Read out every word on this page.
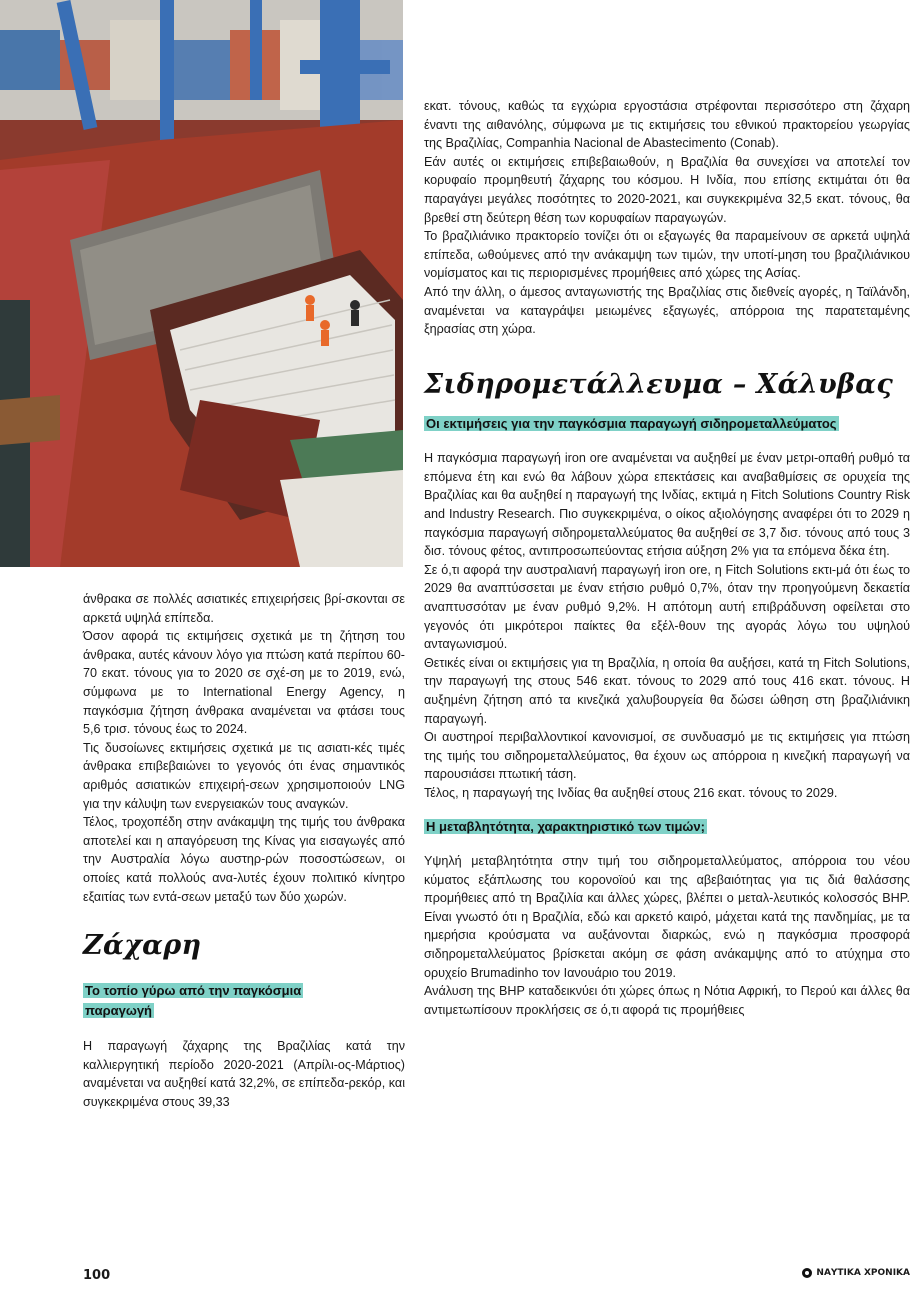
άνθρακα σε πολλές ασιατικές επιχειρήσεις βρί-σκονται σε αρκετά υψηλά επίπεδα.

Όσον αφορά τις εκτιμήσεις σχετικά με τη ζήτηση του άνθρακα, αυτές κάνουν λόγο για πτώση κατά περίπου 60-70 εκατ. τόνους για το 2020 σε σχέ-ση με το 2019, ενώ, σύμφωνα με το International Energy Agency, η παγκόσμια ζήτηση άνθρακα αναμένεται να φτάσει τους 5,6 τρισ. τόνους έως το 2024.

Τις δυσοίωνες εκτιμήσεις σχετικά με τις ασιατι-κές τιμές άνθρακα επιβεβαιώνει το γεγονός ότι ένας σημαντικός αριθμός ασιατικών επιχειρή-σεων χρησιμοποιούν LNG για την κάλυψη των ενεργειακών τους αναγκών.

Τέλος, τροχοπέδη στην ανάκαμψη της τιμής του άνθρακα αποτελεί και η απαγόρευση της Κίνας για εισαγωγές από την Αυστραλία λόγω αυστηρ-ρών ποσοστώσεων, οι οποίες κατά πολλούς ανα-λυτές έχουν πολιτικό κίνητρο εξαιτίας των εντά-σεων μεταξύ των δύο χωρών.

Ζάχαρη

Το τοπίο γύρω από την παγκόσμια παραγωγή

Η παραγωγή ζάχαρης της Βραζιλίας κατά την καλλιεργητική περίοδο 2020-2021 (Απρίλι-ος-Μάρτιος) αναμένεται να αυξηθεί κατά 32,2%, σε επίπεδα-ρεκόρ, και συγκεκριμένα στους 39,33

εκατ. τόνους, καθώς τα εγχώρια εργοστάσια στρέφονται περισσότερο στη ζάχαρη έναντι της αιθανόλης, σύμφωνα με τις εκτιμήσεις του εθνικού πρακτορείου γεωργίας της Βραζιλίας, Companhia Nacional de Abastecimento (Conab).

Εάν αυτές οι εκτιμήσεις επιβεβαιωθούν, η Βραζιλία θα συνεχίσει να αποτελεί τον κορυφαίο προμηθευτή ζάχαρης του κόσμου. Η Ινδία, που επίσης εκτιμάται ότι θα παραγάγει μεγάλες ποσότητες το 2020-2021, και συγκεκριμένα 32,5 εκατ. τόνους, θα βρεθεί στη δεύτερη θέση των κορυφαίων παραγωγών.

Το βραζιλιάνικο πρακτορείο τονίζει ότι οι εξαγωγές θα παραμείνουν σε αρκετά υψηλά επίπεδα, ωθούμενες από την ανάκαμψη των τιμών, την υποτί-μηση του βραζιλιάνικου νομίσματος και τις περιορισμένες προμήθειες από χώρες της Ασίας.

Από την άλλη, ο άμεσος ανταγωνιστής της Βραζιλίας στις διεθνείς αγορές, η Ταϊλάνδη, αναμένεται να καταγράψει μειωμένες εξαγωγές, απόρροια της παρατεταμένης ξηρασίας στη χώρα.

Σιδηρομετάλλευμα – Χάλυβας

Οι εκτιμήσεις για την παγκόσμια παραγωγή σιδηρομεταλλεύματος

Η παγκόσμια παραγωγή iron ore αναμένεται να αυξηθεί με έναν μετρι-οπαθή ρυθμό τα επόμενα έτη και ενώ θα λάβουν χώρα επεκτάσεις και αναβαθμίσεις σε ορυχεία της Βραζιλίας και θα αυξηθεί η παραγωγή της Ινδίας, εκτιμά η Fitch Solutions Country Risk and Industry Research. Πιο συγκεκριμένα, ο οίκος αξιολόγησης αναφέρει ότι το 2029 η παγκόσμια παραγωγή σιδηρομεταλλεύματος θα αυξηθεί σε 3,7 δισ. τόνους από τους 3 δισ. τόνους φέτος, αντιπροσωπεύοντας ετήσια αύξηση 2% για τα επόμενα δέκα έτη.

Σε ό,τι αφορά την αυστραλιανή παραγωγή iron ore, η Fitch Solutions εκτι-μά ότι έως το 2029 θα αναπτύσσεται με έναν ετήσιο ρυθμό 0,7%, όταν την προηγούμενη δεκαετία αναπτυσσόταν με έναν ρυθμό 9,2%. Η απότομη αυτή επιβράδυνση οφείλεται στο γεγονός ότι μικρότεροι παίκτες θα εξέλ-θουν της αγοράς λόγω του υψηλού ανταγωνισμού.

Θετικές είναι οι εκτιμήσεις για τη Βραζιλία, η οποία θα αυξήσει, κατά τη Fitch Solutions, την παραγωγή της στους 546 εκατ. τόνους το 2029 από τους 416 εκατ. τόνους. Η αυξημένη ζήτηση από τα κινεζικά χαλυβουργεία θα δώσει ώθηση στη βραζιλιάνικη παραγωγή.

Οι αυστηροί περιβαλλοντικοί κανονισμοί, σε συνδυασμό με τις εκτιμήσεις για πτώση της τιμής του σιδηρομεταλλεύματος, θα έχουν ως απόρροια η κινεζική παραγωγή να παρουσιάσει πτωτική τάση.

Τέλος, η παραγωγή της Ινδίας θα αυξηθεί στους 216 εκατ. τόνους το 2029.

Η μεταβλητότητα, χαρακτηριστικό των τιμών;

Υψηλή μεταβλητότητα στην τιμή του σιδηρομεταλλεύματος, απόρροια του νέου κύματος εξάπλωσης του κορονοϊού και της αβεβαιότητας για τις διά θαλάσσης προμήθειες από τη Βραζιλία και άλλες χώρες, βλέπει ο μεταλ-λευτικός κολοσσός BHP. Είναι γνωστό ότι η Βραζιλία, εδώ και αρκετό καιρό, μάχεται κατά της πανδημίας, με τα ημερήσια κρούσματα να αυξάνονται διαρκώς, ενώ η παγκόσμια προσφορά σιδηρομεταλλεύματος βρίσκεται ακόμη σε φάση ανάκαμψης από το ατύχημα στο ορυχείο Brumadinho τον Ιανουάριο του 2019.

Ανάλυση της BHP καταδεικνύει ότι χώρες όπως η Νότια Αφρική, το Περού και άλλες θα αντιμετωπίσουν προκλήσεις σε ό,τι αφορά τις προμήθειες

100	ΝΑΥΤΙΚΑ ΧΡΟΝΙΚΑ
